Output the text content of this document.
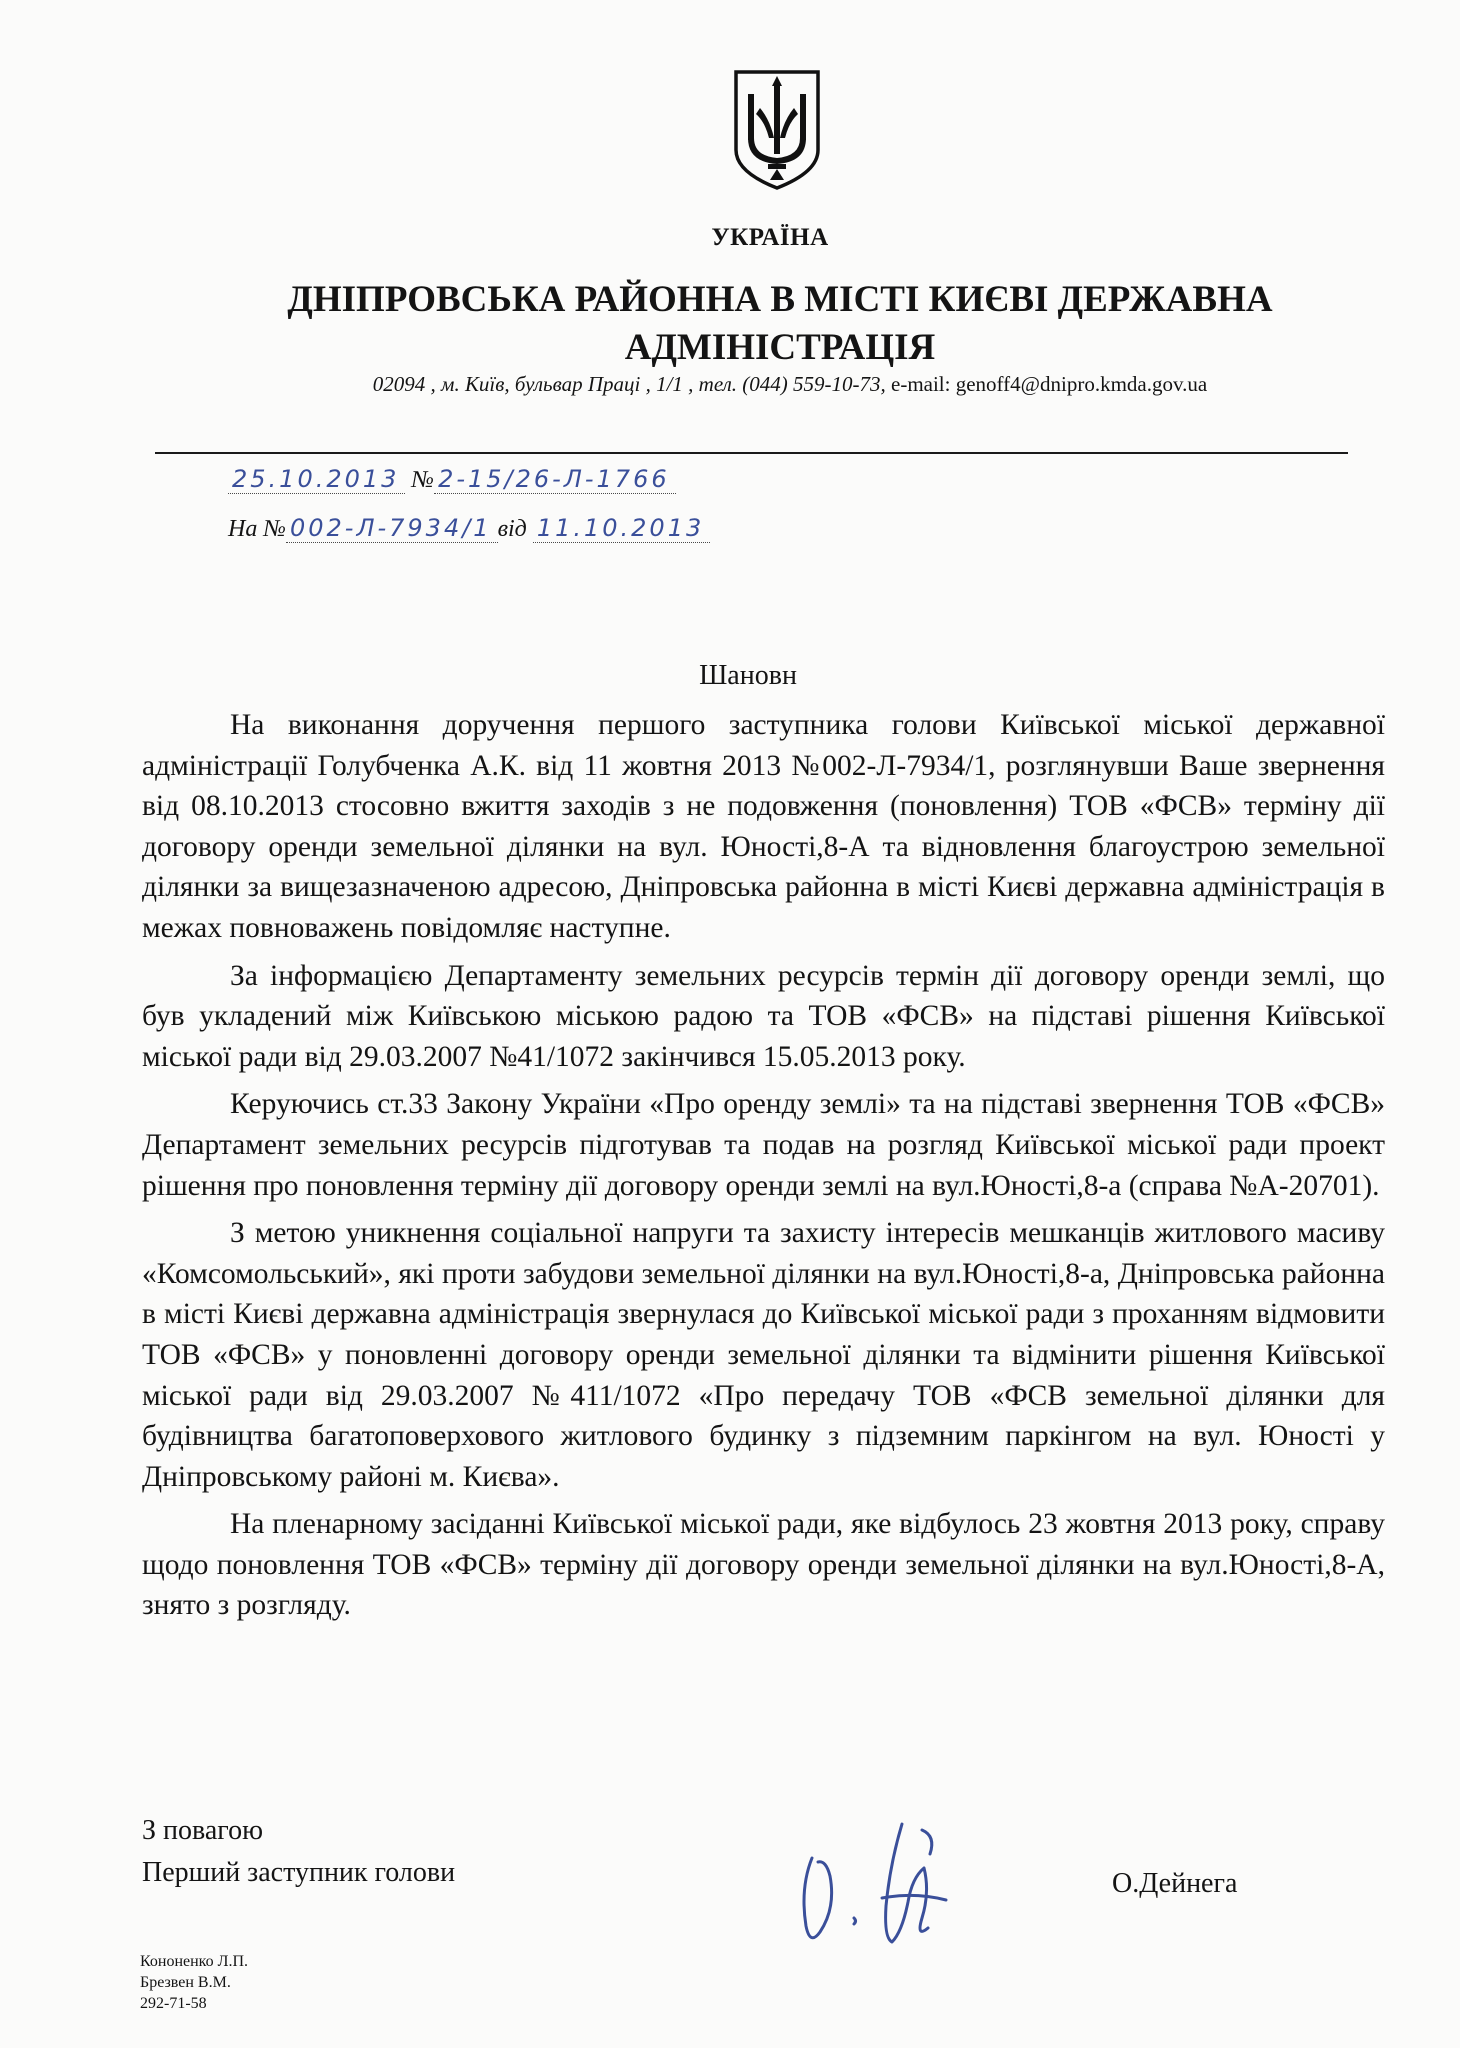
УКРАЇНА
ДНІПРОВСЬКА РАЙОННА В МІСТІ КИЄВІ ДЕРЖАВНА
АДМІНІСТРАЦІЯ
02094 , м. Київ, бульвар Праці , 1/1 , тел. (044) 559-10-73, e-mail: genoff4@dnipro.kmda.gov.ua
25.10.2013 № 2-15/26-Л-1766
На № 002-Л-7934/1 від 11.10.2013
Шановн

На виконання доручення першого заступника голови Київської міської державної адміністрації Голубченка А.К. від 11 жовтня 2013 №002-Л-7934/1, розглянувши Ваше звернення від 08.10.2013 стосовно вжиття заходів з не подовження (поновлення) ТОВ «ФСВ» терміну дії договору оренди земельної ділянки на вул. Юності,8-А та відновлення благоустрою земельної ділянки за вищезазначеною адресою, Дніпровська районна в місті Києві державна адміністрація в межах повноважень повідомляє наступне.

За інформацією Департаменту земельних ресурсів термін дії договору оренди землі, що був укладений між Київською міською радою та ТОВ «ФСВ» на підставі рішення Київської міської ради від 29.03.2007 №41/1072 закінчився 15.05.2013 року.

Керуючись ст.33 Закону України «Про оренду землі» та на підставі звернення ТОВ «ФСВ» Департамент земельних ресурсів підготував та подав на розгляд Київської міської ради проект рішення про поновлення терміну дії договору оренди землі на вул.Юності,8-а (справа №А-20701).

З метою уникнення соціальної напруги та захисту інтересів мешканців житлового масиву «Комсомольський», які проти забудови земельної ділянки на вул.Юності,8-а, Дніпровська районна в місті Києві державна адміністрація звернулася до Київської міської ради з проханням відмовити ТОВ «ФСВ» у поновленні договору оренди земельної ділянки та відмінити рішення Київської міської ради від 29.03.2007 №411/1072 «Про передачу ТОВ «ФСВ земельної ділянки для будівництва багатоповерхового житлового будинку з підземним паркінгом на вул. Юності у Дніпровському районі м. Києва».

На пленарному засіданні Київської міської ради, яке відбулось 23 жовтня 2013 року, справу щодо поновлення ТОВ «ФСВ» терміну дії договору оренди земельної ділянки на вул.Юності,8-А, знято з розгляду.

З повагою
Перший заступник голови	О.Дейнега
Кононенко Л.П.
Брезвен В.М.
292-71-58
